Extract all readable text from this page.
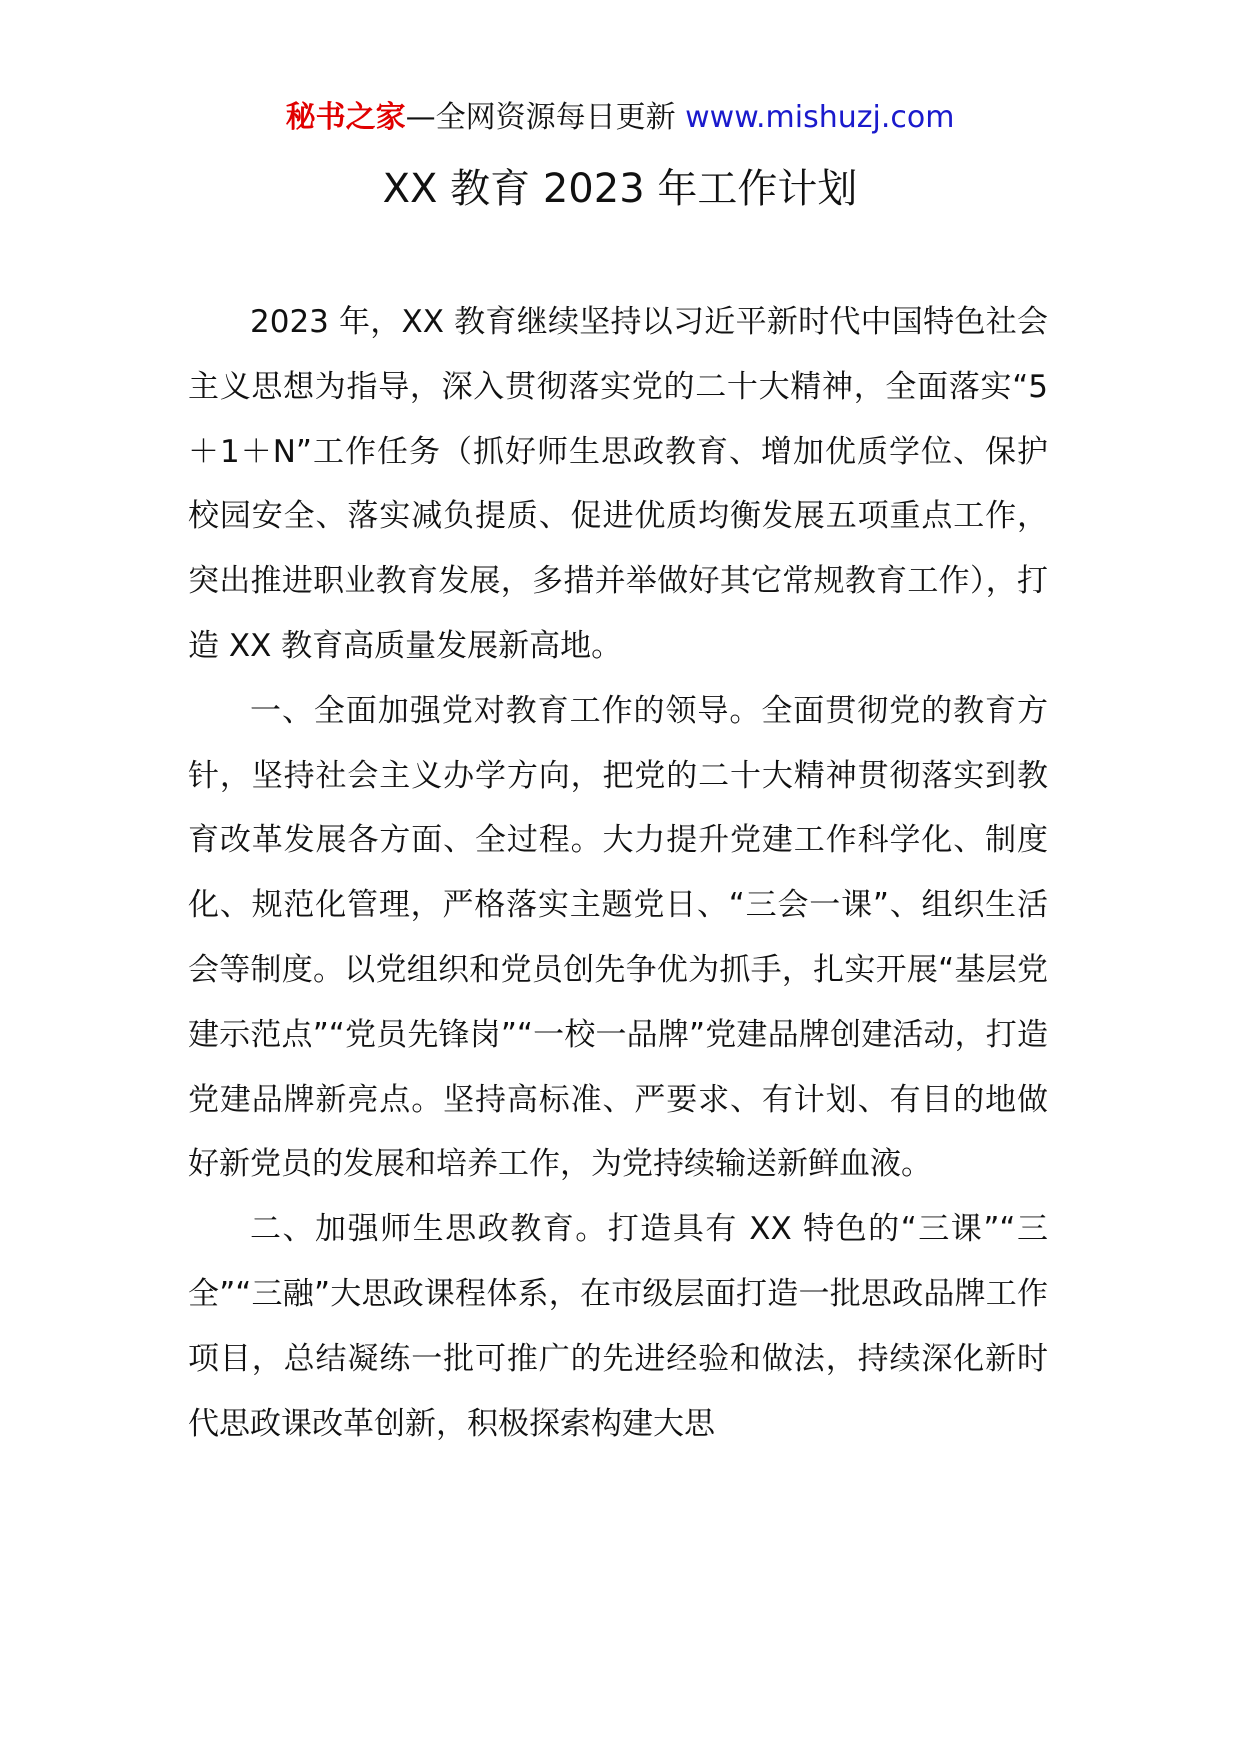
秘书之家—全网资源每日更新 www.mishuzj.com
XX 教育 2023 年工作计划

2023 年，XX 教育继续坚持以习近平新时代中国特色社会主义思想为指导，深入贯彻落实党的二十大精神，全面落实“5＋1＋N”工作任务（抓好师生思政教育、增加优质学位、保护校园安全、落实减负提质、促进优质均衡发展五项重点工作，突出推进职业教育发展，多措并举做好其它常规教育工作），打造 XX 教育高质量发展新高地。

一、全面加强党对教育工作的领导。全面贯彻党的教育方针，坚持社会主义办学方向，把党的二十大精神贯彻落实到教育改革发展各方面、全过程。大力提升党建工作科学化、制度化、规范化管理，严格落实主题党日、“三会一课”、组织生活会等制度。以党组织和党员创先争优为抓手，扎实开展“基层党建示范点”“党员先锋岗”“一校一品牌”党建品牌创建活动，打造党建品牌新亮点。坚持高标准、严要求、有计划、有目的地做好新党员的发展和培养工作，为党持续输送新鲜血液。

二、加强师生思政教育。打造具有 XX 特色的“三课”“三全”“三融”大思政课程体系，在市级层面打造一批思政品牌工作项目，总结凝练一批可推广的先进经验和做法，持续深化新时代思政课改革创新，积极探索构建大思
